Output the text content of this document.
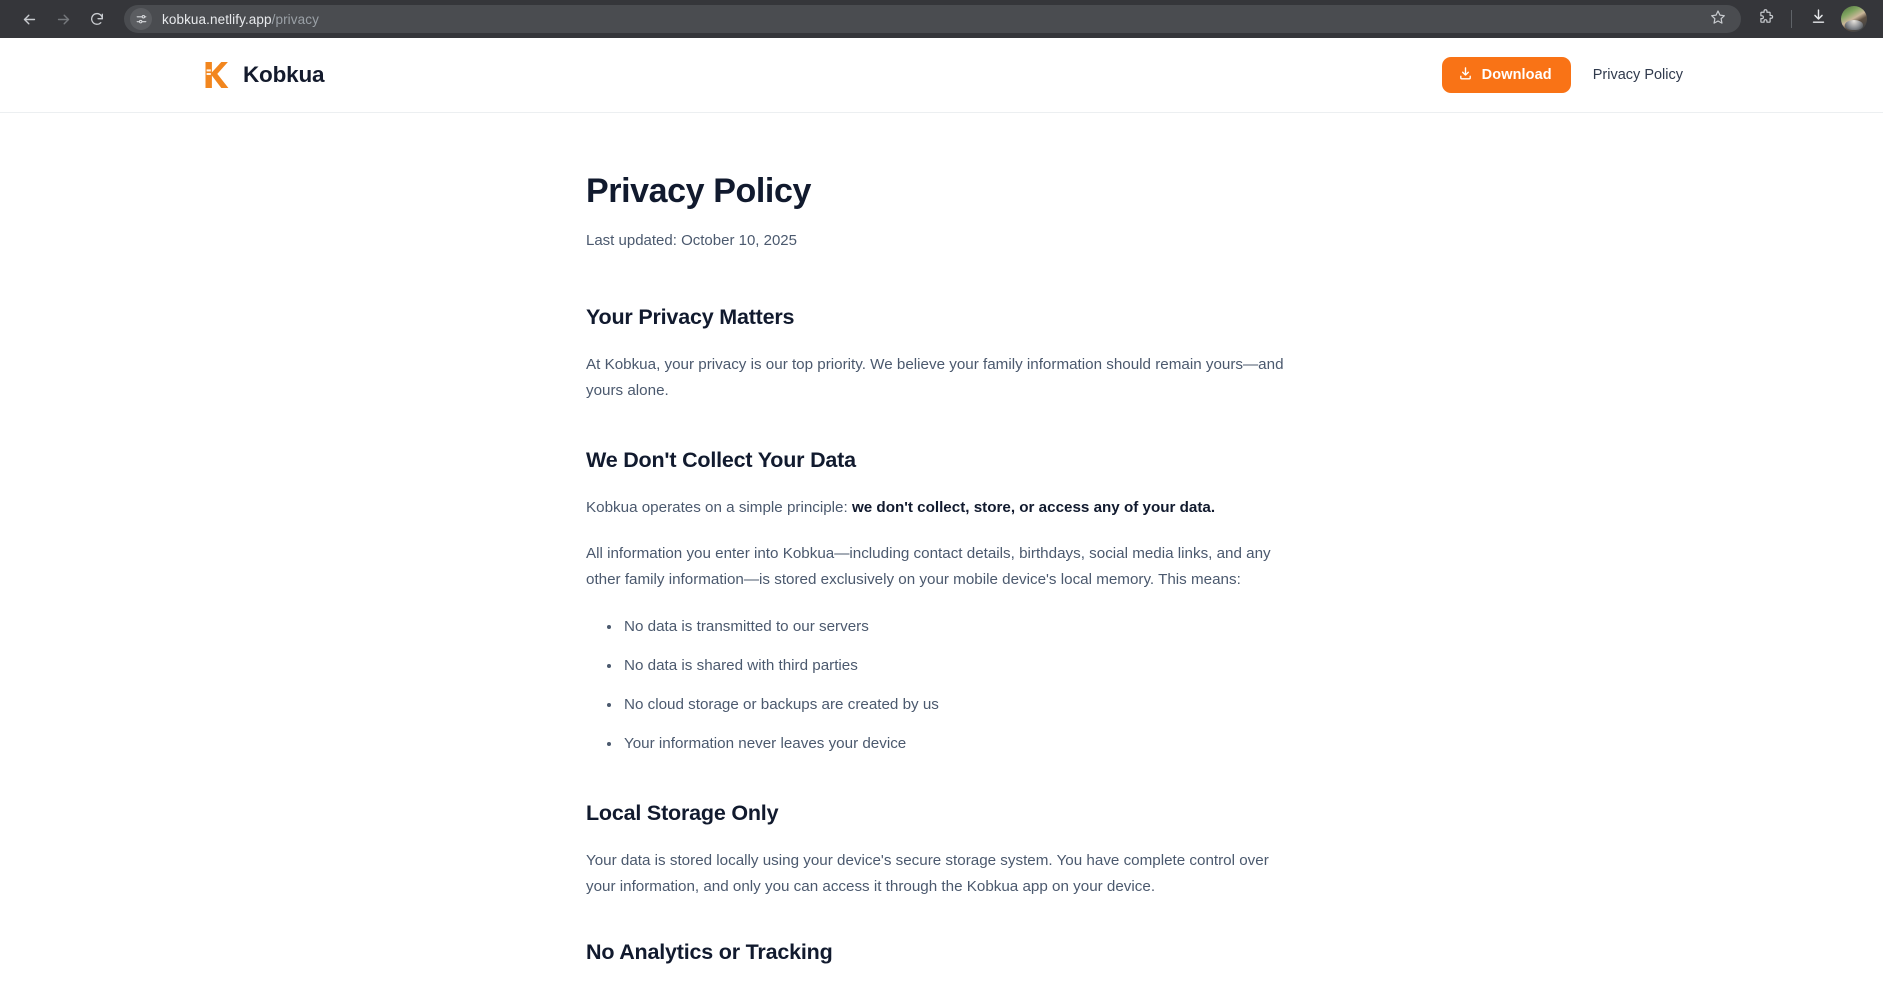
kobkua.netlify.app/privacy
Kobkua	Download	Privacy Policy
Privacy Policy
Last updated: October 10, 2025
Your Privacy Matters

At Kobkua, your privacy is our top priority. We believe your family information should remain yours—and yours alone.

We Don't Collect Your Data

Kobkua operates on a simple principle: we don't collect, store, or access any of your data.

All information you enter into Kobkua—including contact details, birthdays, social media links, and any other family information—is stored exclusively on your mobile device's local memory. This means:

No data is transmitted to our servers
No data is shared with third parties
No cloud storage or backups are created by us
Your information never leaves your device
Local Storage Only

Your data is stored locally using your device's secure storage system. You have complete control over your information, and only you can access it through the Kobkua app on your device.

No Analytics or Tracking
